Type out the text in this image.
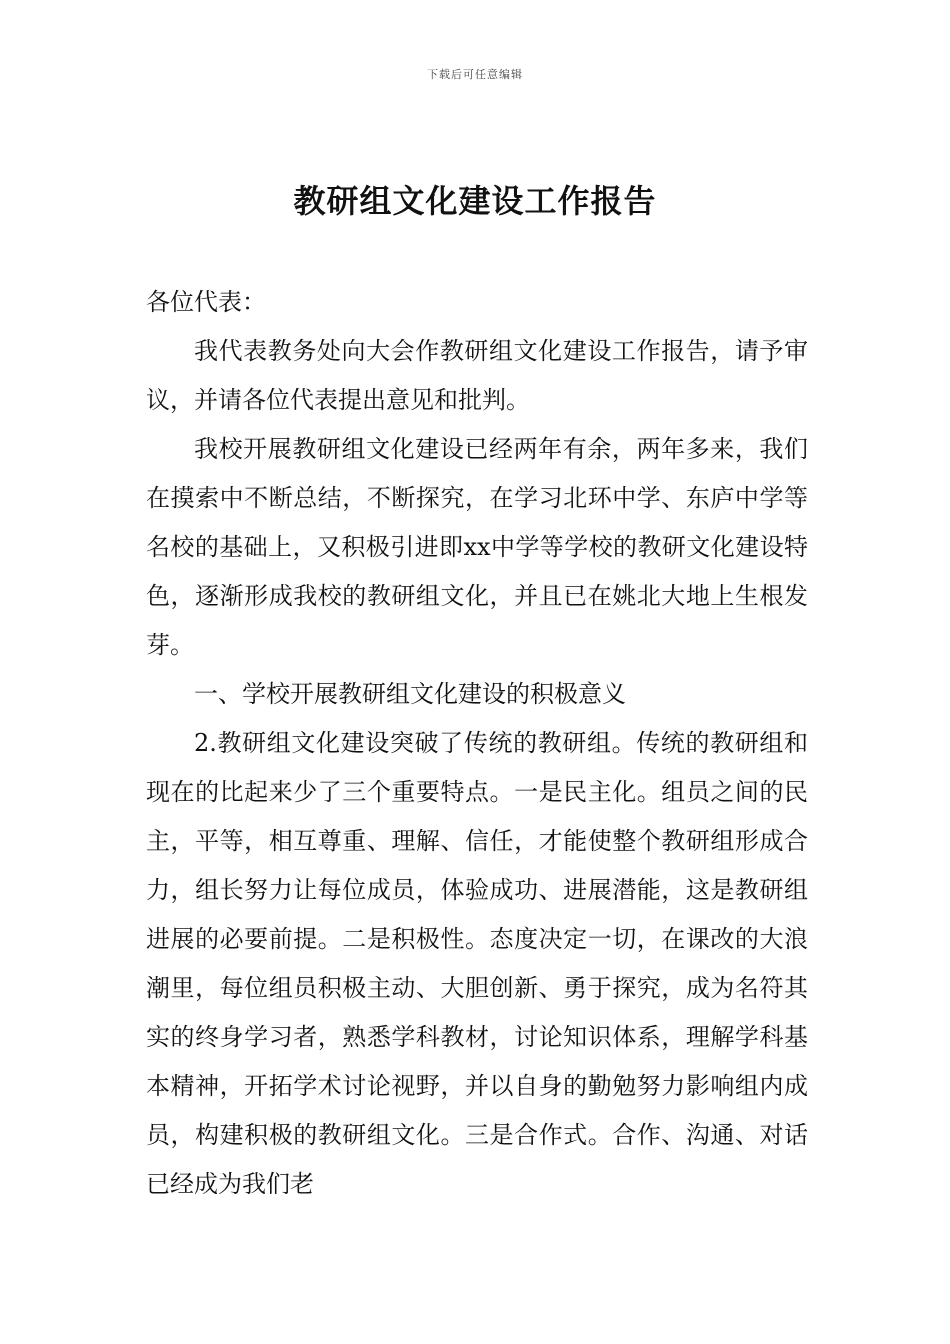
下载后可任意编辑
教研组文化建设工作报告

各位代表：

我代表教务处向大会作教研组文化建设工作报告，请予审议，并请各位代表提出意见和批判。

我校开展教研组文化建设已经两年有余，两年多来，我们在摸索中不断总结，不断探究，在学习北环中学、东庐中学等名校的基础上，又积极引进即xx中学等学校的教研文化建设特色，逐渐形成我校的教研组文化，并且已在姚北大地上生根发芽。

一、学校开展教研组文化建设的积极意义

2.教研组文化建设突破了传统的教研组。传统的教研组和现在的比起来少了三个重要特点。一是民主化。组员之间的民主，平等，相互尊重、理解、信任，才能使整个教研组形成合力，组长努力让每位成员，体验成功、进展潜能，这是教研组进展的必要前提。二是积极性。态度决定一切，在课改的大浪潮里，每位组员积极主动、大胆创新、勇于探究，成为名符其实的终身学习者，熟悉学科教材，讨论知识体系，理解学科基本精神，开拓学术讨论视野，并以自身的勤勉努力影响组内成员，构建积极的教研组文化。三是合作式。合作、沟通、对话已经成为我们老
